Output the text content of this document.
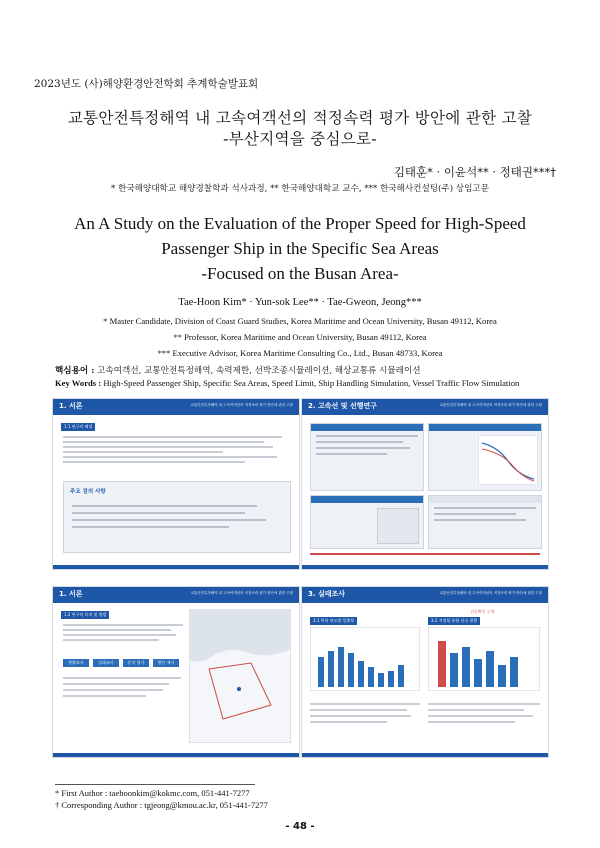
2023년도 (사)해양환경안전학회 추계학술발표회
교통안전특정해역 내 고속여객선의 적정속력 평가 방안에 관한 고찰
-부산지역을 중심으로-
김태훈* · 이윤석** · 정태권***†
* 한국해양대학교 해양경찰학과 석사과정, ** 한국해양대학교 교수, *** 한국해사컨설팅(주) 상임고문
An A Study on the Evaluation of the Proper Speed for High-Speed
Passenger Ship in the Specific Sea Areas
-Focused on the Busan Area-
Tae-Hoon Kim* · Yun-sok Lee** · Tae-Gweon, Jeong***
* Master Candidate, Division of Coast Guard Studies, Korea Maritime and Ocean University, Busan 49112, Korea
** Professor, Korea Maritime and Ocean University, Busan 49112, Korea
*** Executive Advisor, Korea Maritime Consulting Co., Ltd., Busan 48733, Korea
핵심용어 : 고속여객선, 교통안전특정해역, 속력제한, 선박조종시뮬레이션, 해상교통류 시뮬레이션
Key Words : High-Speed Passenger Ship, Specific Sea Areas, Speed Limit, Ship Handling Simulation, Vessel Traffic Flow Simulation
1. 서론	교통안전특정해역 내 고속여객선의 적정속력 평가 방안에 관한 고찰
1.1 연구의 배경
주요 검의 사항
2. 고속선 및 선행연구	교통안전특정해역 내 고속여객선의 적정속력 평가 방안에 관한 고찰
1. 서론	교통안전특정해역 내 고속여객선의 적정속력 평가 방안에 관한 고찰
1.2 연구의 목적 및 방법
현황조사	실태조사	분석 평가	방안 제시
3. 실태조사	교통안전특정해역 내 고속여객선의 적정속력 평가 방안에 관한 고찰
선속확인 구역
3.1 북항 연도별 입출항	3.2 지정항 통항 선속 현황
* First Author : taehoonkim@kokmc.com, 051-441-7277
† Corresponding Author : tgjeong@kmou.ac.kr, 051-441-7277
- 48 -
